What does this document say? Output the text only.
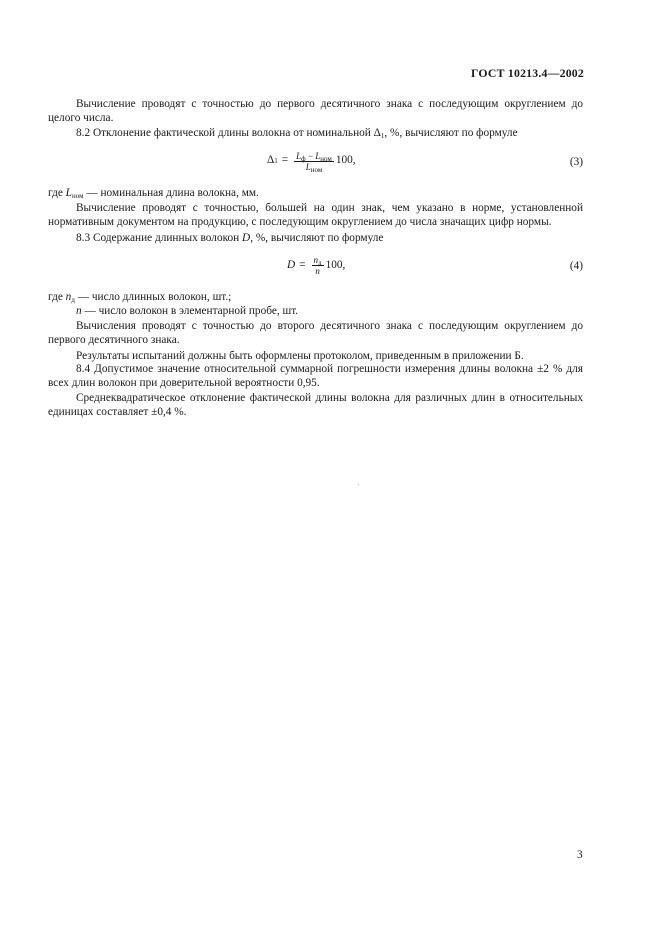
ГОСТ 10213.4—2002

Вычисление проводят с точностью до первого десятичного знака с последующим округлением до целого числа.

8.2 Отклонение фактической длины волокна от номинальной $\Delta_1$, %, вычисляют по формуле

Δ $1 = \frac{L_ф - L_{ном}}{L_{ном}} 100$,	(3)

где $L_{ном}$ — номинальная длина волокна, мм.

Вычисление проводят с точностью, большей на один знак, чем указано в норме, установленной нормативным документом на продукцию, с последующим округлением до числа значащих цифр нормы.

8.3 Содержание длинных волокон D, %, вычисляют по формуле

$D = \frac{n_д}{n} 100$,	(4)

где $n_д$ — число длинных волокон, шт.;

n — число волокон в элементарной пробе, шт.

Вычисления проводят с точностью до второго десятичного знака с последующим округлением до первого десятичного знака.

Результаты испытаний должны быть оформлены протоколом, приведенным в приложении Б.

8.4 Допустимое значение относительной суммарной погрешности измерения длины волокна ±2 % для всех длин волокон при доверительной вероятности 0,95.

Среднеквадратическое отклонение фактической длины волокна для различных длин в относительных единицах составляет ±0,4 %.

3
